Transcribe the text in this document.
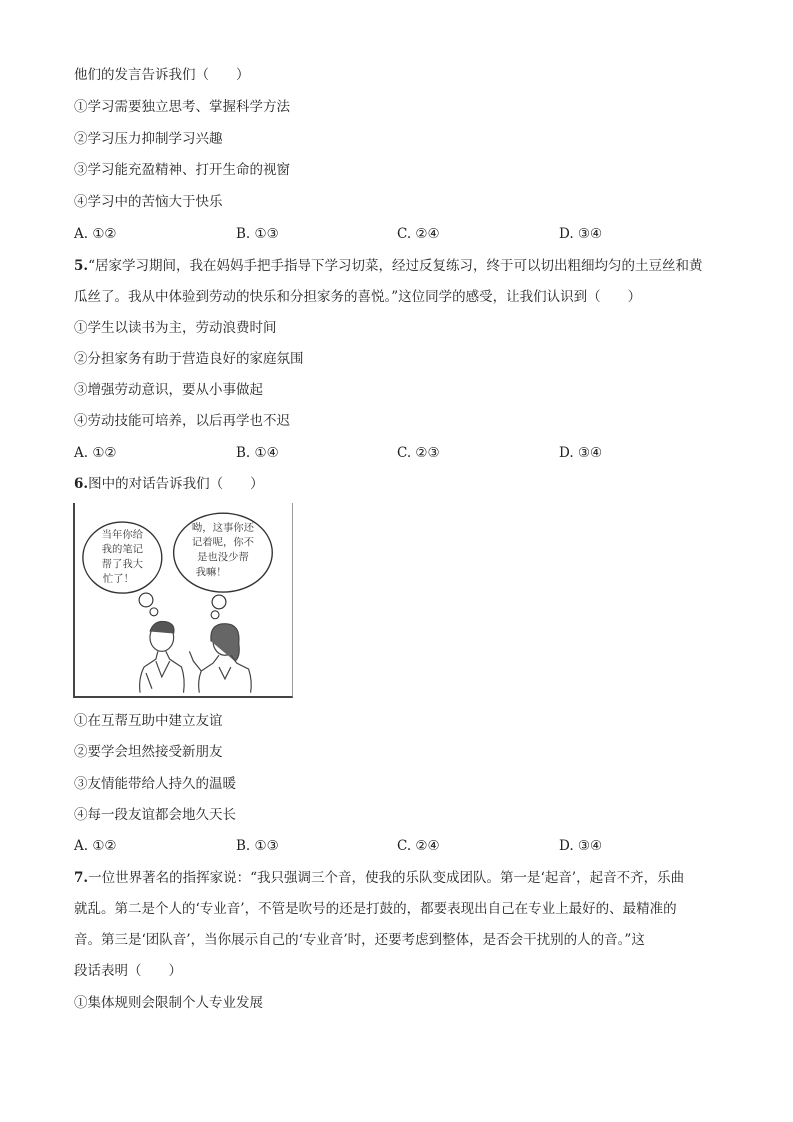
他们的发言告诉我们（　　）
①学习需要独立思考、掌握科学方法
②学习压力抑制学习兴趣
③学习能充盈精神、打开生命的视窗
④学习中的苦恼大于快乐
A. ①②	B. ①③	C. ②④	D. ③④
5.“居家学习期间，我在妈妈手把手指导下学习切菜，经过反复练习，终于可以切出粗细均匀的土豆丝和黄
瓜丝了。我从中体验到劳动的快乐和分担家务的喜悦。”这位同学的感受，让我们认识到（　　）
①学生以读书为主，劳动浪费时间
②分担家务有助于营造良好的家庭氛围
③增强劳动意识，要从小事做起
④劳动技能可培养，以后再学也不迟
A. ①②	B. ①④	C. ②③	D. ③④
6.图中的对话告诉我们（　　）
当年你给
我的笔记
帮了我大
忙了！
呦，这事你还
记着呢，你不
是也没少帮
我嘛！
①在互帮互助中建立友谊
②要学会坦然接受新朋友
③友情能带给人持久的温暖
④每一段友谊都会地久天长
A. ①②	B. ①③	C. ②④	D. ③④
7.一位世界著名的指挥家说：“我只强调三个音，使我的乐队变成团队。第一是‘起音’，起音不齐，乐曲
就乱。第二是个人的‘专业音’，不管是吹号的还是打鼓的，都要表现出自己在专业上最好的、最精准的
音。第三是‘团队音’，当你展示自己的‘专业音’时，还要考虑到整体，是否会干扰别的人的音。”这
段话表明（　　）
①集体规则会限制个人专业发展
